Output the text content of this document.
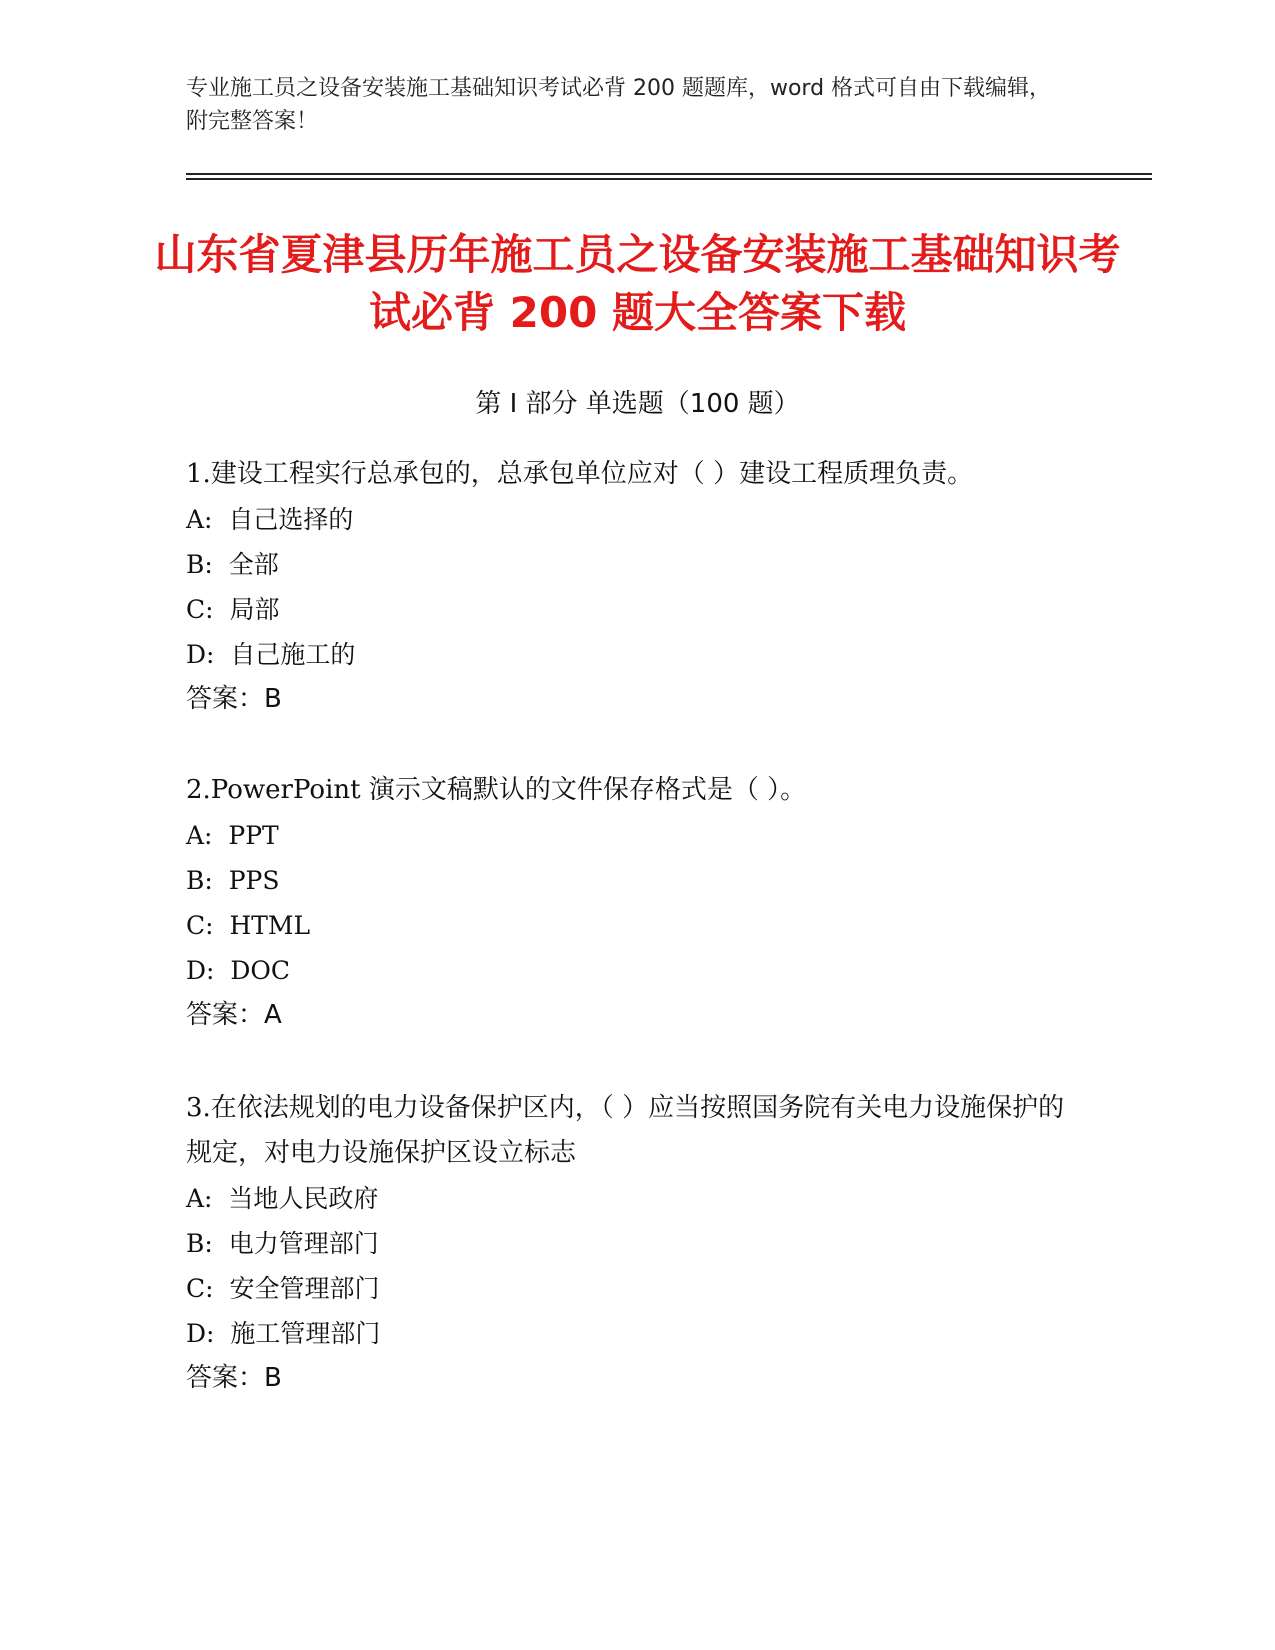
专业施工员之设备安装施工基础知识考试必背 200 题题库，word 格式可自由下载编辑，附完整答案！
山东省夏津县历年施工员之设备安装施工基础知识考试必背 200 题大全答案下载
第 I 部分 单选题（100 题）

1.建设工程实行总承包的，总承包单位应对（ ）建设工程质理负责。

A:  自己选择的

B:  全部

C:  局部

D:  自己施工的

答案：B

2.PowerPoint 演示文稿默认的文件保存格式是（ ）。

A:  PPT

B:  PPS

C:  HTML

D:  DOC

答案：A

3.在依法规划的电力设备保护区内，（ ）应当按照国务院有关电力设施保护的规定，对电力设施保护区设立标志

A:  当地人民政府

B:  电力管理部门

C:  安全管理部门

D:  施工管理部门

答案：B
